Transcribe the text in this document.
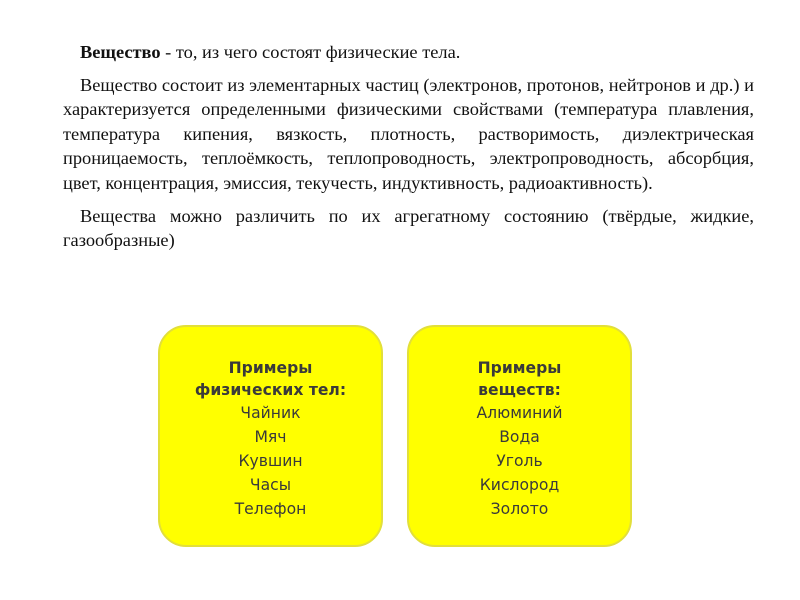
Вещество - то, из чего состоят физические тела.

Вещество состоит из элементарных частиц (электронов, протонов, нейтронов и др.) и характеризуется определенными физическими свойствами (температура плавления, температура кипения, вязкость, плотность, растворимость, диэлектрическая проницаемость, теплоёмкость, теплопроводность, электропроводность, абсорбция, цвет, концентрация, эмиссия, текучесть, индуктивность, радиоактивность).

Вещества можно различить по их агрегатному состоянию (твёрдые, жидкие, газообразные)

Примеры
физических тел:
Чайник
Мяч
Кувшин
Часы
Телефон
Примеры
веществ:
Алюминий
Вода
Уголь
Кислород
Золото
